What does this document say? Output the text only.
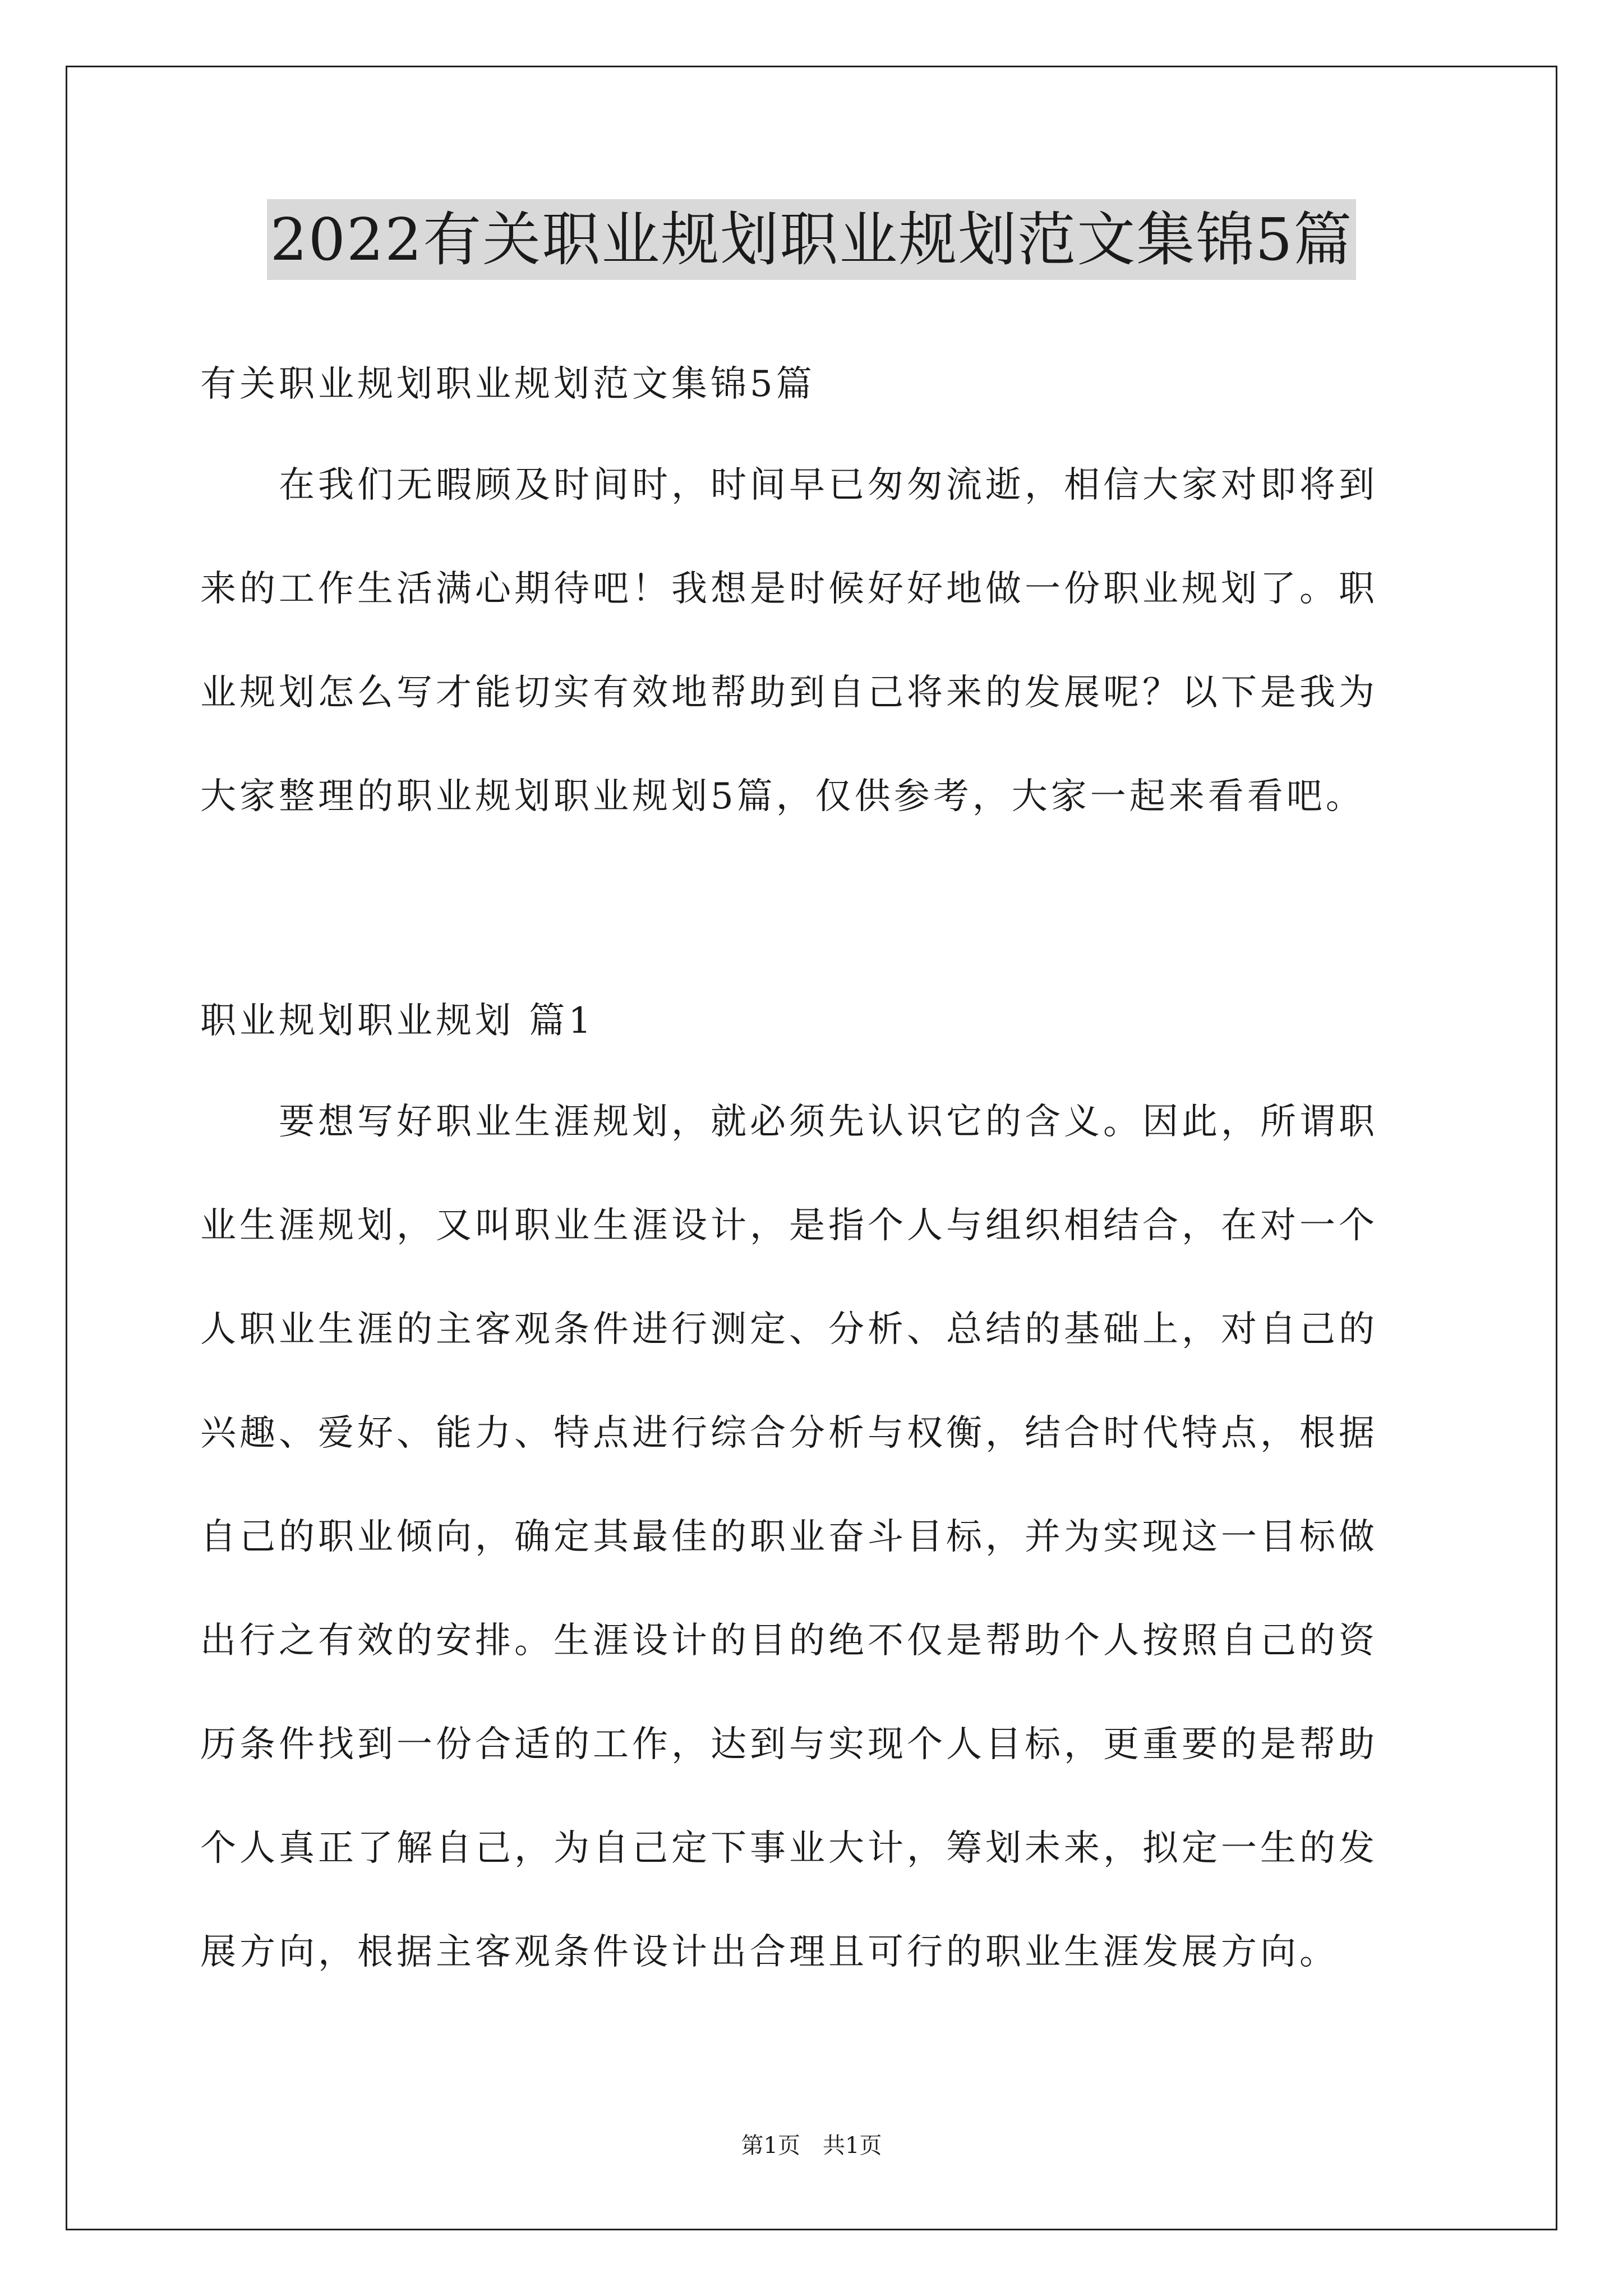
2022有关职业规划职业规划范文集锦5篇
有关职业规划职业规划范文集锦5篇
在我们无暇顾及时间时，时间早已匆匆流逝，相信大家对即将到
来的工作生活满心期待吧！我想是时候好好地做一份职业规划了。职
业规划怎么写才能切实有效地帮助到自己将来的发展呢？以下是我为
大家整理的职业规划职业规划5篇，仅供参考，大家一起来看看吧。
职业规划职业规划 篇1
要想写好职业生涯规划，就必须先认识它的含义。因此，所谓职
业生涯规划，又叫职业生涯设计，是指个人与组织相结合，在对一个
人职业生涯的主客观条件进行测定、分析、总结的基础上，对自己的
兴趣、爱好、能力、特点进行综合分析与权衡，结合时代特点，根据
自己的职业倾向，确定其最佳的职业奋斗目标，并为实现这一目标做
出行之有效的安排。生涯设计的目的绝不仅是帮助个人按照自己的资
历条件找到一份合适的工作，达到与实现个人目标，更重要的是帮助
个人真正了解自己，为自己定下事业大计，筹划未来，拟定一生的发
展方向，根据主客观条件设计出合理且可行的职业生涯发展方向。
第1页　共1页
